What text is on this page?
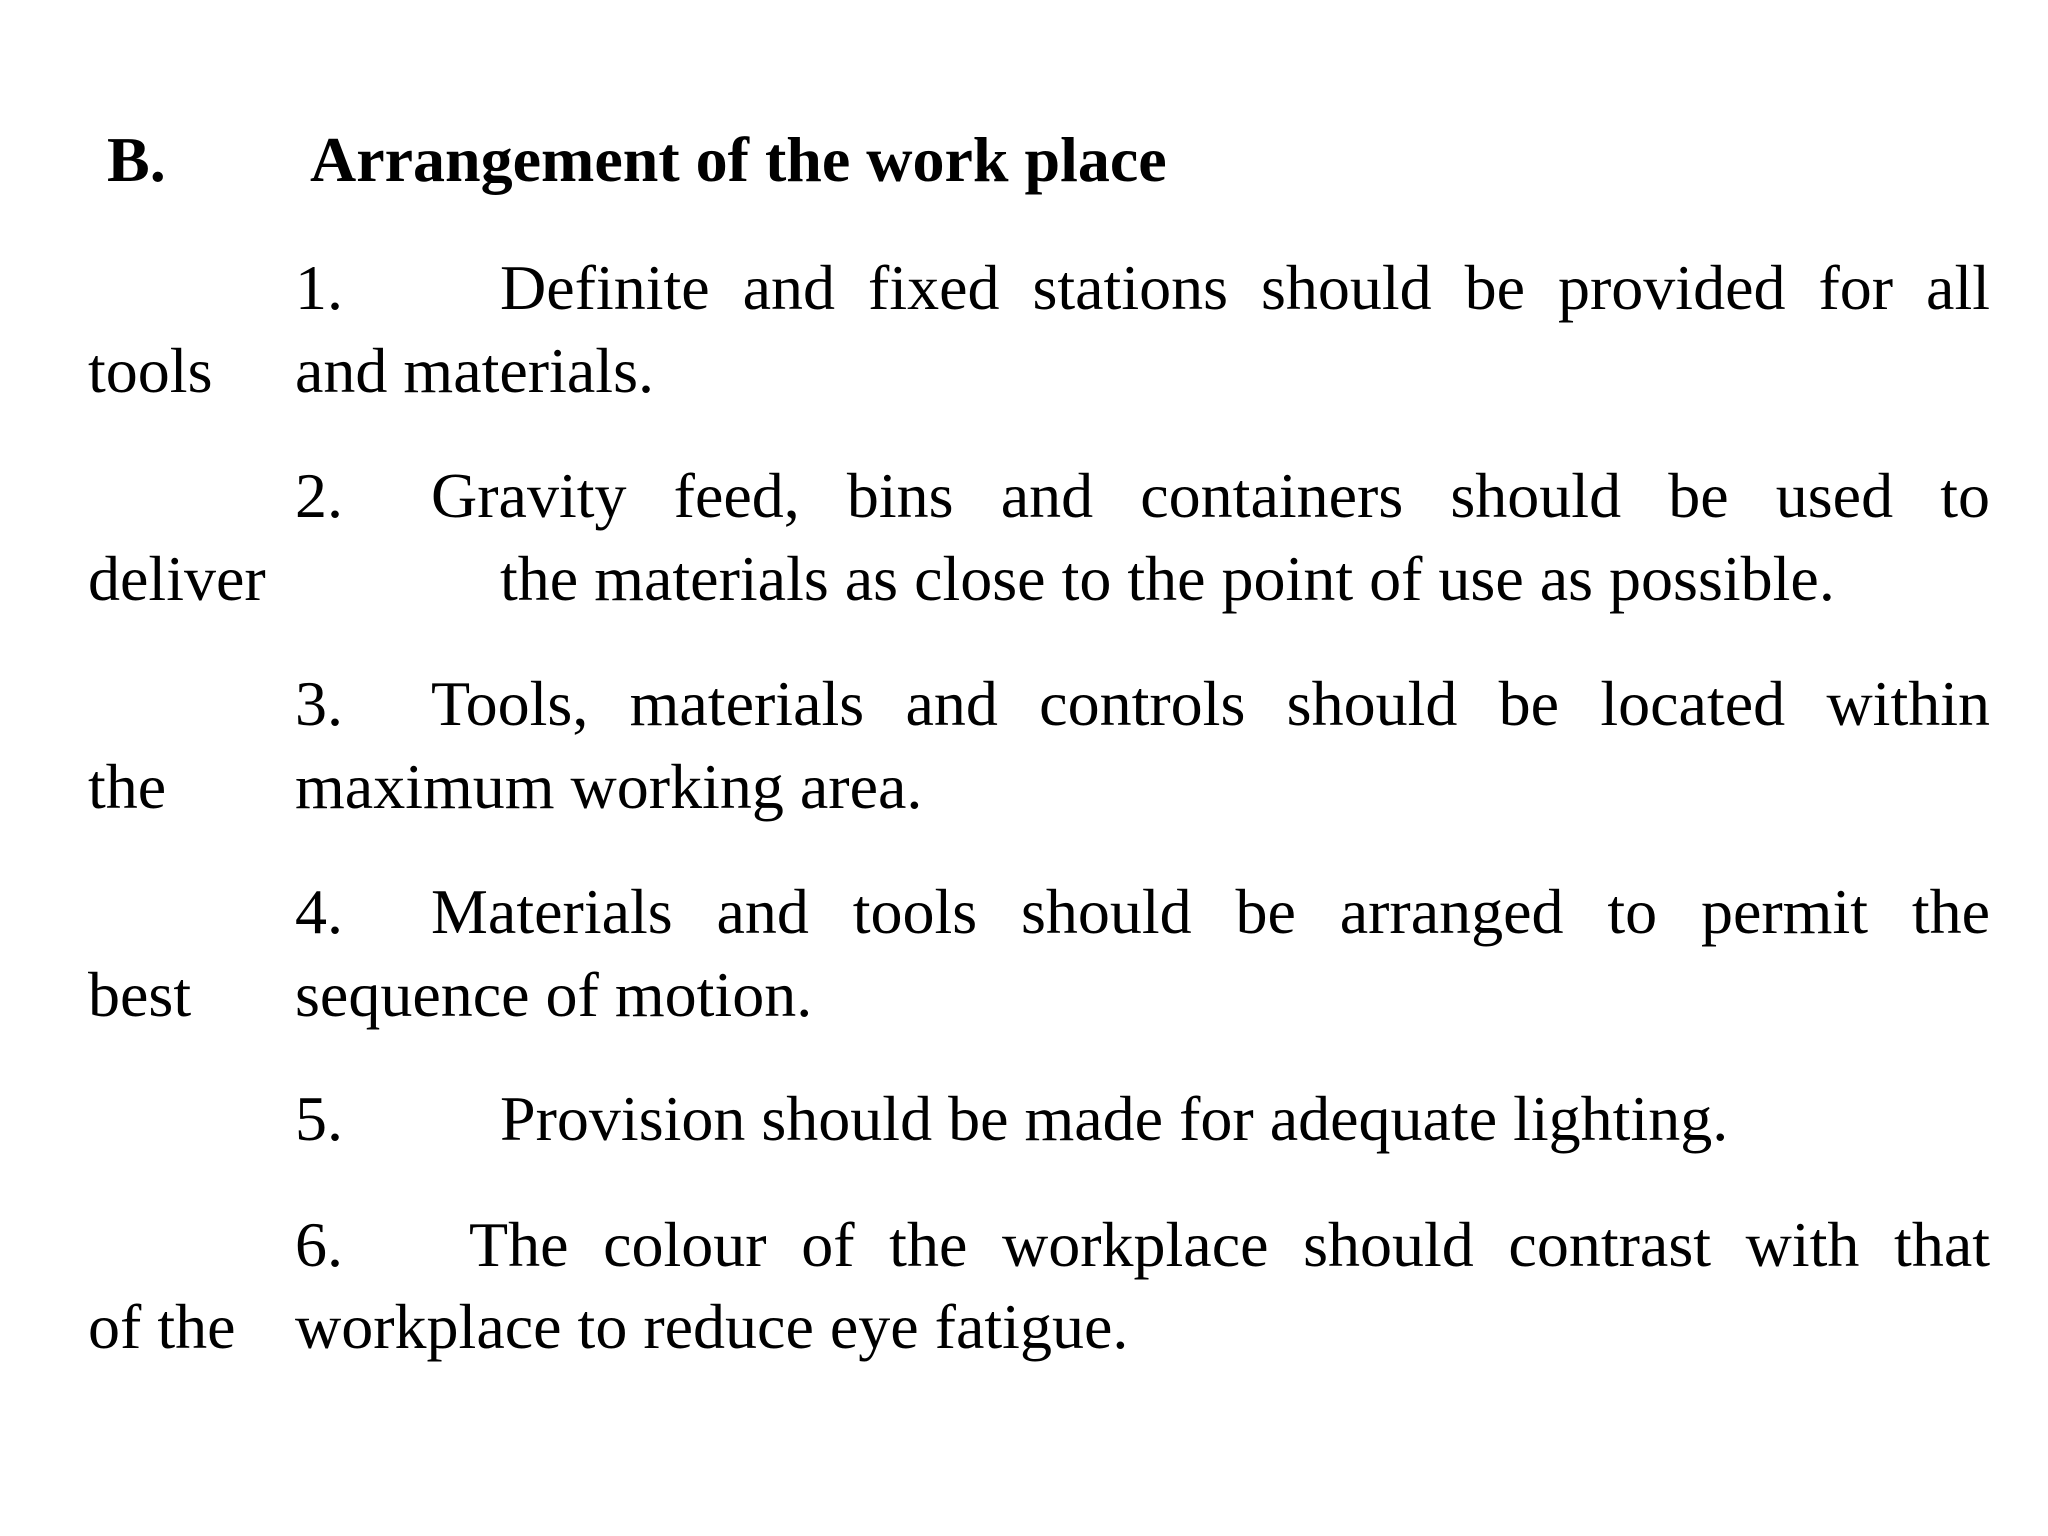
B. Arrangement of the work place
1. Definite and fixed stations should be provided for all
tools and materials.
2. Gravity feed, bins and containers should be used to
deliver	the materials as close to the point of use as possible.
3. Tools, materials and controls should be located within
the maximum working area.
4. Materials and tools should be arranged to permit the
best sequence of motion.
5. Provision should be made for adequate lighting.
6. The colour of the workplace should contrast with that
of the workplace to reduce eye fatigue.
